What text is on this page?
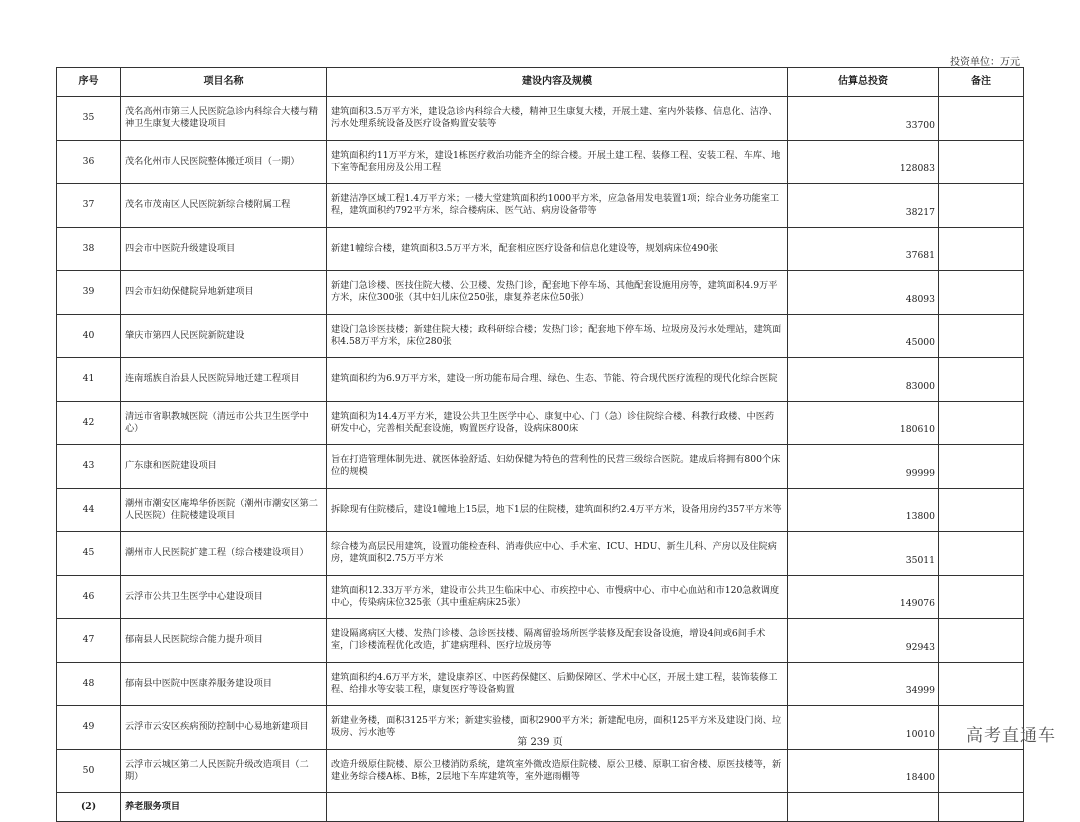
投资单位：万元
序号	项目名称	建设内容及规模	估算总投资	备注
35	茂名高州市第三人民医院急诊内科综合大楼与精神卫生康复大楼建设项目	建筑面积3.5万平方米，建设急诊内科综合大楼，精神卫生康复大楼，开展土建、室内外装修、信息化、洁净、污水处理系统设备及医疗设备购置安装等	33700	
36	茂名化州市人民医院整体搬迁项目（一期）	建筑面积约11万平方米，建设1栋医疗救治功能齐全的综合楼。开展土建工程、装修工程、安装工程、车库、地下室等配套用房及公用工程	128083	
37	茂名市茂南区人民医院新综合楼附属工程	新建洁净区域工程1.4万平方米；一楼大堂建筑面积约1000平方米，应急备用发电装置1项；综合业务功能室工程，建筑面积约792平方米，综合楼病床、医气站、病房设备带等	38217	
38	四会市中医院升级建设项目	新建1幢综合楼，建筑面积3.5万平方米，配套相应医疗设备和信息化建设等，规划病床位490张	37681	
39	四会市妇幼保健院异地新建项目	新建门急诊楼、医技住院大楼、公卫楼、发热门诊，配套地下停车场、其他配套设施用房等，建筑面积4.9万平方米，床位300张（其中妇儿床位250张，康复养老床位50张）	48093	
40	肇庆市第四人民医院新院建设	建设门急诊医技楼；新建住院大楼；政科研综合楼；发热门诊；配套地下停车场、垃圾房及污水处理站，建筑面积4.58万平方米，床位280张	45000	
41	连南瑶族自治县人民医院异地迁建工程项目	建筑面积约为6.9万平方米，建设一所功能布局合理、绿色、生态、节能、符合现代医疗流程的现代化综合医院	83000	
42	清远市省职教城医院（清远市公共卫生医学中心）	建筑面积为14.4万平方米，建设公共卫生医学中心、康复中心、门（急）诊住院综合楼、科教行政楼、中医药研发中心，完善相关配套设施，购置医疗设备，设病床800床	180610	
43	广东康和医院建设项目	旨在打造管理体制先进、就医体验舒适、妇幼保健为特色的营利性的民营三级综合医院。建成后将拥有800个床位的规模	99999	
44	潮州市潮安区庵埠华侨医院（潮州市潮安区第二人民医院）住院楼建设项目	拆除现有住院楼后，建设1幢地上15层，地下1层的住院楼，建筑面积约2.4万平方米，设备用房约357平方米等	13800	
45	潮州市人民医院扩建工程（综合楼建设项目）	综合楼为高层民用建筑，设置功能检查科、消毒供应中心、手术室、ICU、HDU、新生儿科、产房以及住院病房，建筑面积2.75万平方米	35011	
46	云浮市公共卫生医学中心建设项目	建筑面积12.33万平方米，建设市公共卫生临床中心、市疾控中心、市慢病中心、市中心血站和市120急救调度中心，传染病床位325张（其中重症病床25张）	149076	
47	郁南县人民医院综合能力提升项目	建设隔离病区大楼、发热门诊楼、急诊医技楼、隔离留验场所医学装修及配套设备设施，增设4间或6间手术室，门诊楼流程优化改造，扩建病理科、医疗垃圾房等	92943	
48	郁南县中医院中医康养服务建设项目	建筑面积约4.6万平方米，建设康养区、中医药保健区、后勤保障区、学术中心区，开展土建工程，装饰装修工程、给排水等安装工程，康复医疗等设备购置	34999	
49	云浮市云安区疾病预防控制中心易地新建项目	新建业务楼，面积3125平方米；新建实验楼，面积2900平方米；新建配电房，面积125平方米及建设门岗、垃圾房、污水池等	10010	
50	云浮市云城区第二人民医院升级改造项目（二期）	改造升级原住院楼、原公卫楼消防系统，建筑室外微改造原住院楼、原公卫楼、原职工宿舍楼、原医技楼等，新建业务综合楼A栋、B栋，2层地下车库建筑等，室外遮雨棚等	18400	
(2)	养老服务项目			
第 239 页	高考直通车
